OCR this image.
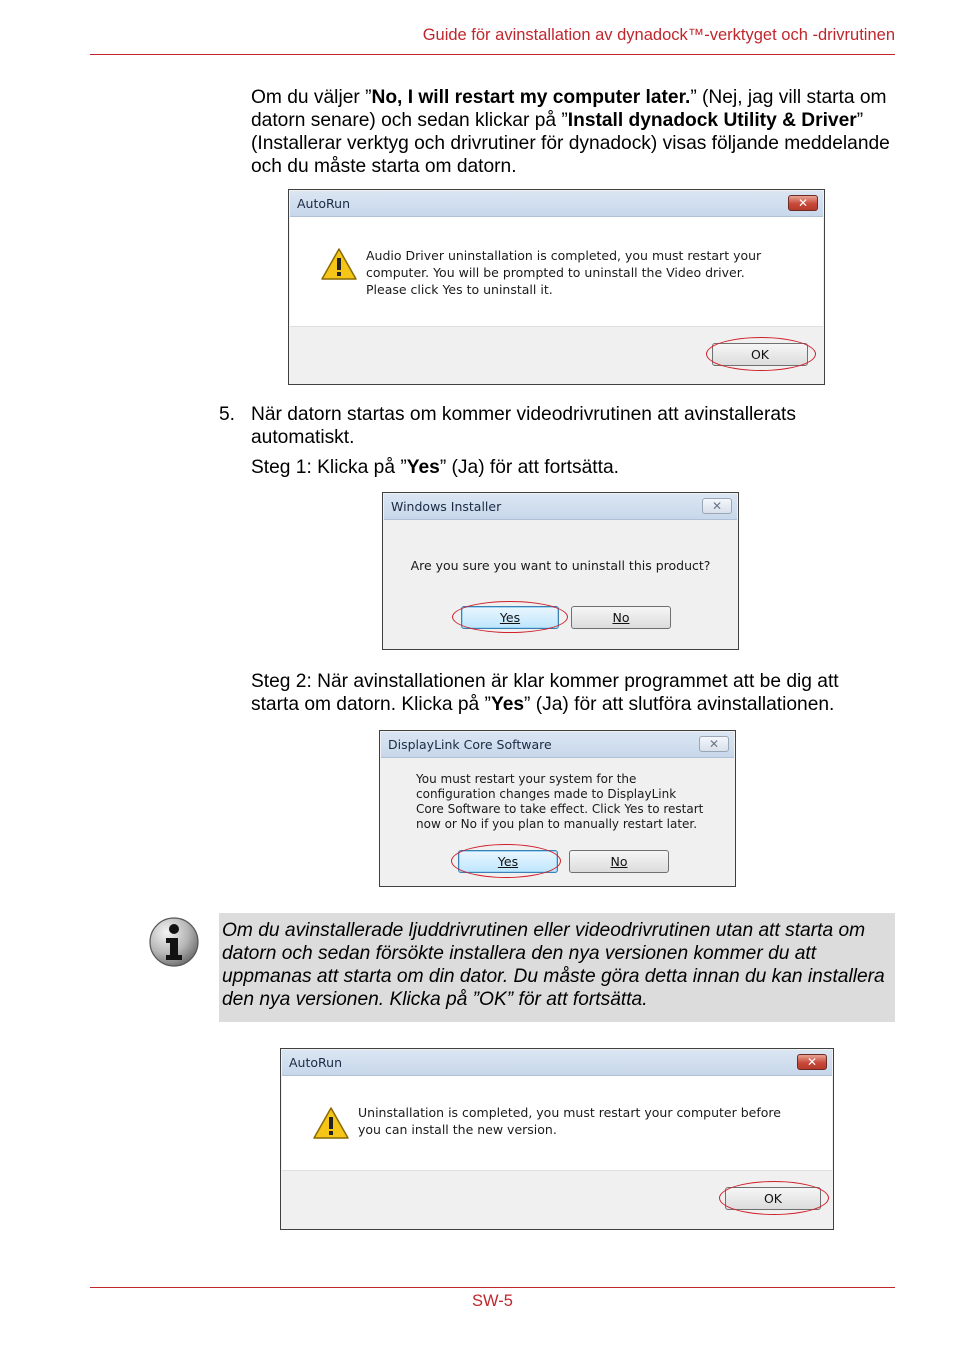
Guide för avinstallation av dynadock™-verktyget och -drivrutinen
Om du väljer ”No, I will restart my computer later.” (Nej, jag vill starta om datorn senare) och sedan klickar på ”Install dynadock Utility & Driver” (Installerar verktyg och drivrutiner för dynadock) visas följande meddelande och du måste starta om datorn.
AutoRun	✕
Audio Driver uninstallation is completed, you must restart your computer. You will be prompted to uninstall the Video driver. Please click Yes to uninstall it.
OK
5. När datorn startas om kommer videodrivrutinen att avinstallerats automatiskt.
Steg 1: Klicka på ”Yes” (Ja) för att fortsätta.
Windows Installer	✕
Are you sure you want to uninstall this product?
Yes	No
Steg 2: När avinstallationen är klar kommer programmet att be dig att starta om datorn. Klicka på ”Yes” (Ja) för att slutföra avinstallationen.
DisplayLink Core Software	✕
You must restart your system for the configuration changes made to DisplayLink Core Software to take effect. Click Yes to restart now or No if you plan to manually restart later.
Yes	No
Om du avinstallerade ljuddrivrutinen eller videodrivrutinen utan att starta om datorn och sedan försökte installera den nya versionen kommer du att uppmanas att starta om din dator. Du måste göra detta innan du kan installera den nya versionen. Klicka på ”OK” för att fortsätta.
AutoRun	✕
Uninstallation is completed, you must restart your computer before you can install the new version.
OK
SW-5
